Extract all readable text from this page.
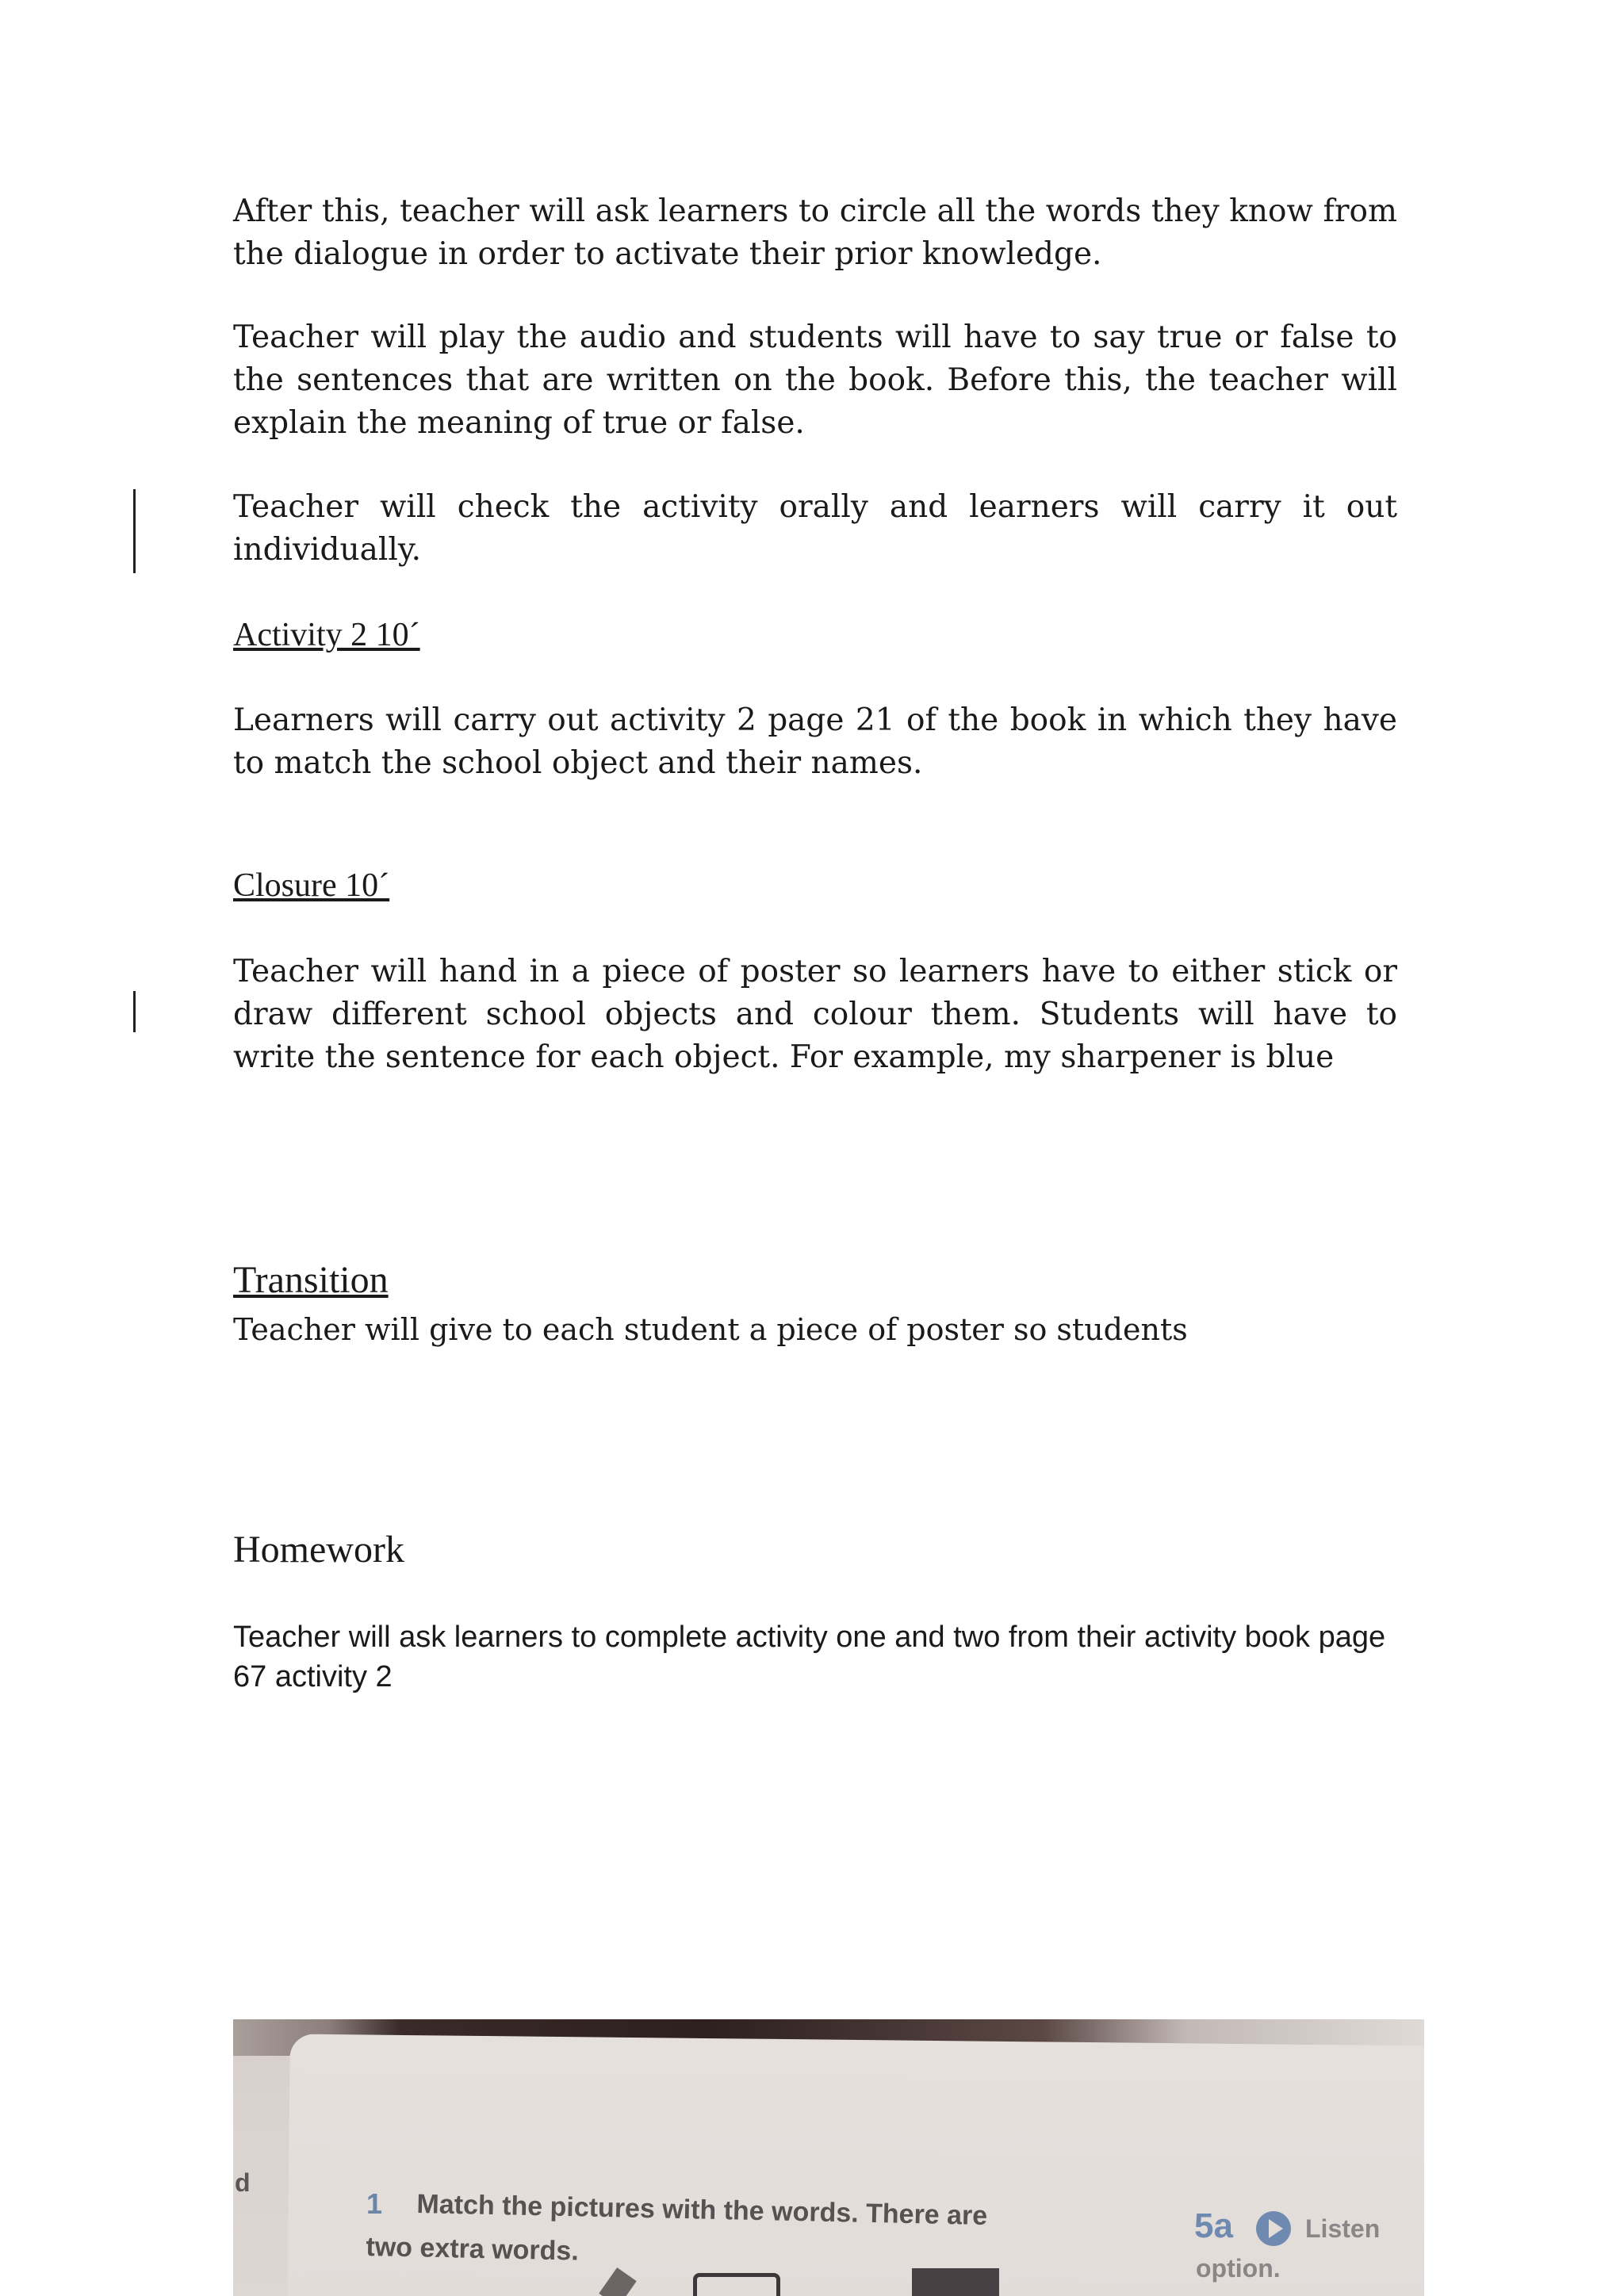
After this, teacher will ask learners to circle all the words they know from the dialogue in order to activate their prior knowledge.

Teacher will play the audio and students will have to say true or false to the sentences that are written on the book. Before this, the teacher will explain the meaning of true or false.

Teacher will check the activity orally and learners will carry it out individually.

Activity 2 10´

Learners will carry out activity 2 page 21 of the book in which they have to match the school object and their names.

Closure 10´

Teacher will hand in a piece of poster so learners have to either stick or draw different school objects and colour them. Students will have to write the sentence for each object. For example, my sharpener is blue

Transition

Teacher will give to each student a piece of poster so students

Homework

Teacher will ask learners to complete activity one and two from their activity book page 67 activity 2

d
1 Match the pictures with the words. There are
two extra words.
5a	Listen
option.
